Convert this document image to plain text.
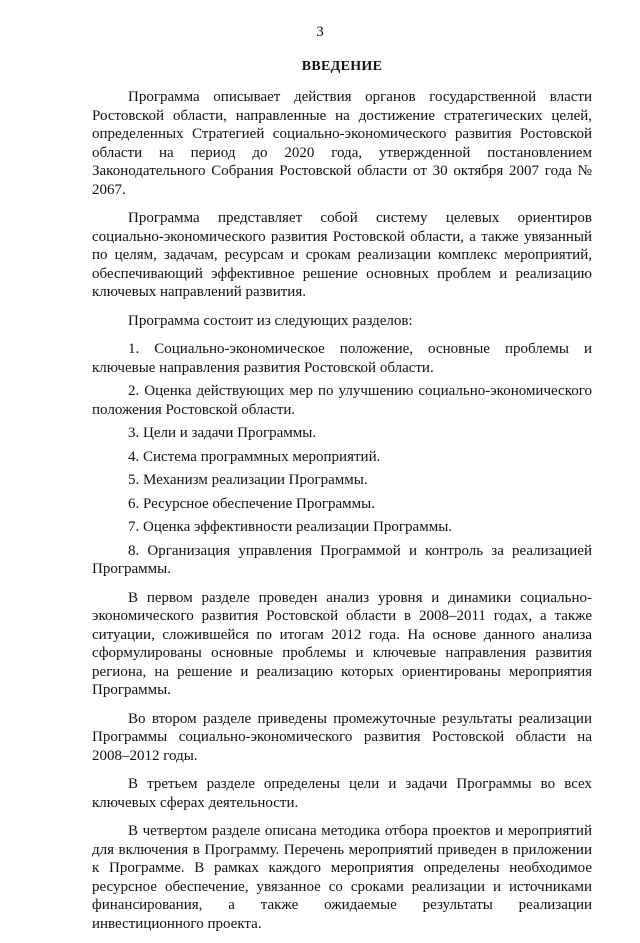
3
ВВЕДЕНИЕ

Программа описывает действия органов государственной власти Ростовской области, направленные на достижение стратегических целей, определенных Стратегией социально-экономического развития Ростовской области на период до 2020 года, утвержденной постановлением Законодательного Собрания Ростовской области от 30 октября 2007 года № 2067.

Программа представляет собой систему целевых ориентиров социально-экономического развития Ростовской области, а также увязанный по целям, задачам, ресурсам и срокам реализации комплекс мероприятий, обеспечивающий эффективное решение основных проблем и реализацию ключевых направлений развития.

Программа состоит из следующих разделов:

1. Социально-экономическое положение, основные проблемы и ключевые направления развития Ростовской области.

2. Оценка действующих мер по улучшению социально-экономического положения Ростовской области.

3. Цели и задачи Программы.

4. Система программных мероприятий.

5. Механизм реализации Программы.

6. Ресурсное обеспечение Программы.

7. Оценка эффективности реализации Программы.

8. Организация управления Программой и контроль за реализацией Программы.

В первом разделе проведен анализ уровня и динамики социально-экономического развития Ростовской области в 2008–2011 годах, а также ситуации, сложившейся по итогам 2012 года. На основе данного анализа сформулированы основные проблемы и ключевые направления развития региона, на решение и реализацию которых ориентированы мероприятия Программы.

Во втором разделе приведены промежуточные результаты реализации Программы социально-экономического развития Ростовской области на 2008–2012 годы.

В третьем разделе определены цели и задачи Программы во всех ключевых сферах деятельности.

В четвертом разделе описана методика отбора проектов и мероприятий для включения в Программу. Перечень мероприятий приведен в приложении к Программе. В рамках каждого мероприятия определены необходимое ресурсное обеспечение, увязанное со сроками реализации и источниками финансирования, а также ожидаемые результаты реализации инвестиционного проекта.
